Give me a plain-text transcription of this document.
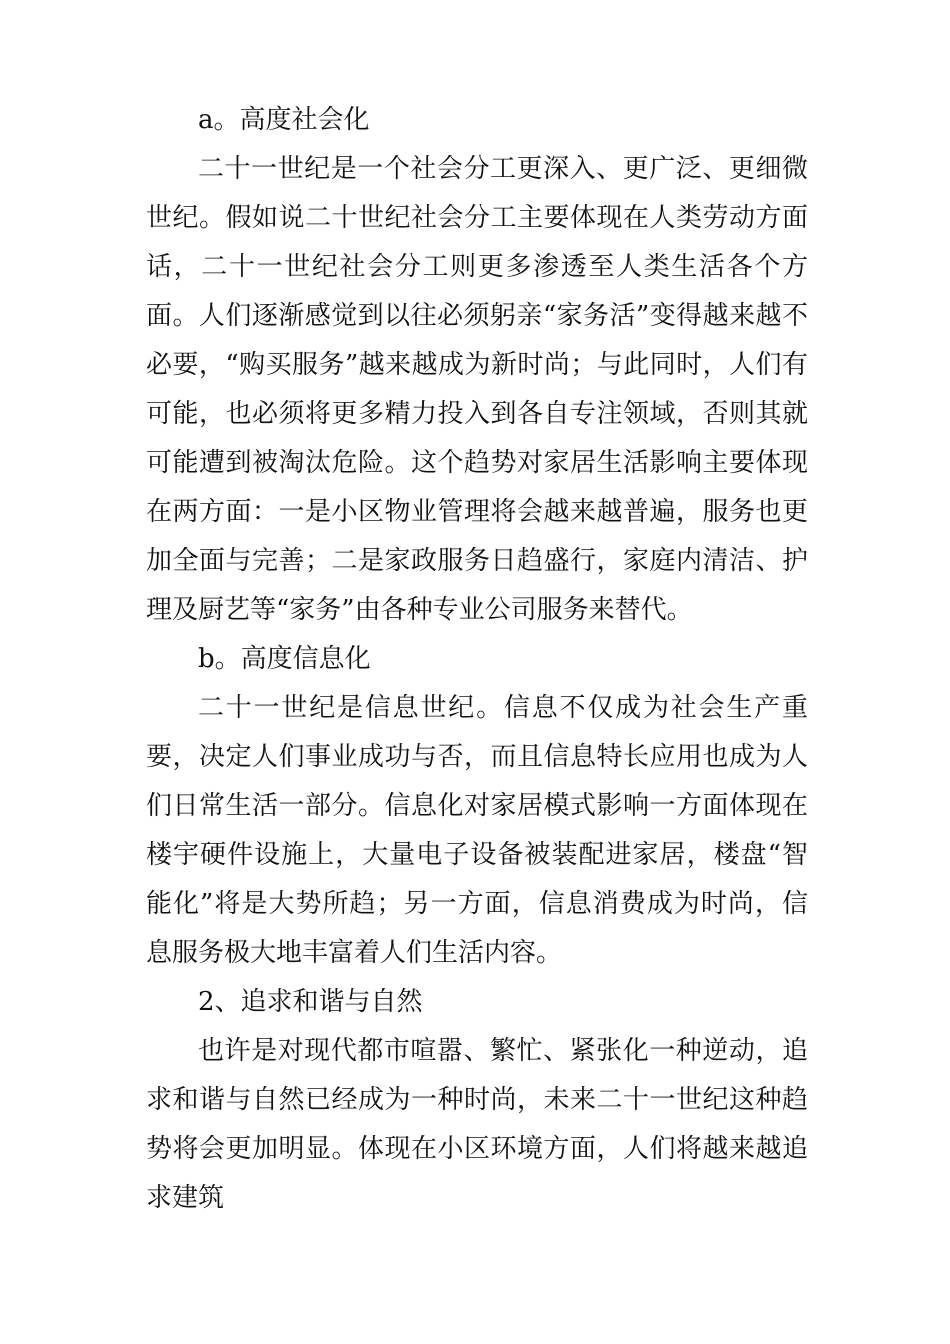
a。高度社会化

二十一世纪是一个社会分工更深入、更广泛、更细微世纪。假如说二十世纪社会分工主要体现在人类劳动方面话，二十一世纪社会分工则更多渗透至人类生活各个方面。人们逐渐感觉到以往必须躬亲“家务活”变得越来越不必要，“购买服务”越来越成为新时尚；与此同时，人们有可能，也必须将更多精力投入到各自专注领域，否则其就可能遭到被淘汰危险。这个趋势对家居生活影响主要体现在两方面：一是小区物业管理将会越来越普遍，服务也更加全面与完善；二是家政服务日趋盛行，家庭内清洁、护理及厨艺等“家务”由各种专业公司服务来替代。

b。高度信息化

二十一世纪是信息世纪。信息不仅成为社会生产重要，决定人们事业成功与否，而且信息特长应用也成为人们日常生活一部分。信息化对家居模式影响一方面体现在楼宇硬件设施上，大量电子设备被装配进家居，楼盘“智能化”将是大势所趋；另一方面，信息消费成为时尚，信息服务极大地丰富着人们生活内容。

2、追求和谐与自然

也许是对现代都市喧嚣、繁忙、紧张化一种逆动，追求和谐与自然已经成为一种时尚，未来二十一世纪这种趋势将会更加明显。体现在小区环境方面，人们将越来越追求建筑
